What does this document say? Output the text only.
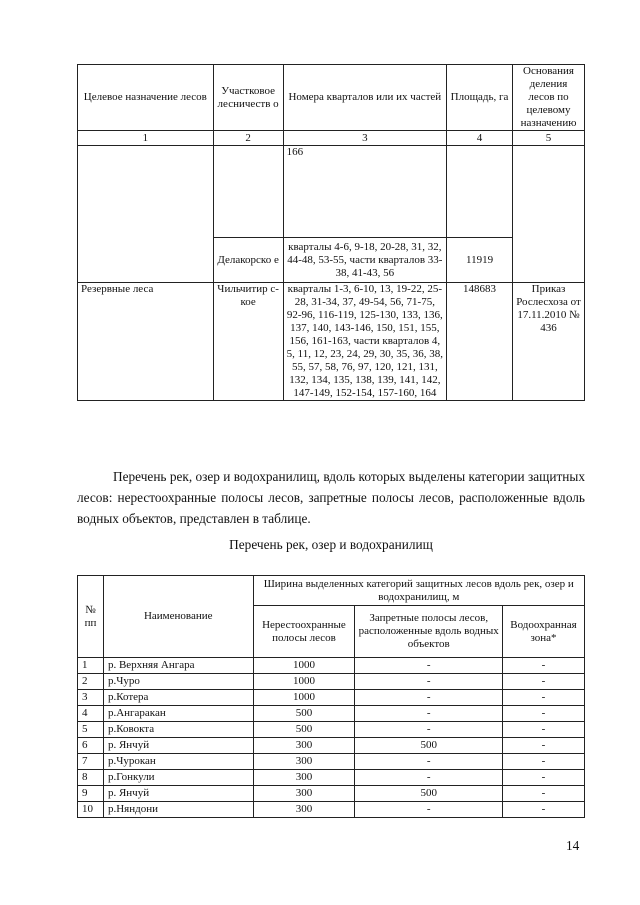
Целевое назначение лесов	Участковое лесничеств о	Номера кварталов или их частей	Площадь, га	Основания деления лесов по целевому назначению
1	2	3	4	5
		166		
	Делакорско е	кварталы 4-6, 9-18, 20-28, 31, 32, 44-48, 53-55, части кварталов 33-38, 41-43, 56	11919	
Резервные леса	Чильчитир с-кое	кварталы 1-3, 6-10, 13, 19-22, 25-28, 31-34, 37, 49-54, 56, 71-75, 92-96, 116-119, 125-130, 133, 136, 137, 140, 143-146, 150, 151, 155, 156, 161-163, части кварталов 4, 5, 11, 12, 23, 24, 29, 30, 35, 36, 38, 55, 57, 58, 76, 97, 120, 121, 131, 132, 134, 135, 138, 139, 141, 142, 147-149, 152-154, 157-160, 164	148683	Приказ Рослесхоза от 17.11.2010 № 436

Перечень рек, озер и водохранилищ, вдоль которых выделены категории защитных лесов: нерестоохранные полосы лесов, запретные полосы лесов, расположенные вдоль водных объектов, представлен в таблице.

Перечень рек, озер и водохранилищ

№ пп	Наименование	Ширина выделенных категорий защитных лесов вдоль рек, озер и водохранилищ, м		
		Нерестоохранные полосы лесов	Запретные полосы лесов, расположенные вдоль водных объектов	Водоохранная зона*
1	р. Верхняя Ангара	1000	-	-
2	р.Чуро	1000	-	-
3	р.Котера	1000	-	-
4	р.Ангаракан	500	-	-
5	р.Ковокта	500	-	-
6	р. Янчуй	300	500	-
7	р.Чурокан	300	-	-
8	р.Гонкули	300	-	-
9	р. Янчуй	300	500	-
10	р.Няндони	300	-	-
14
